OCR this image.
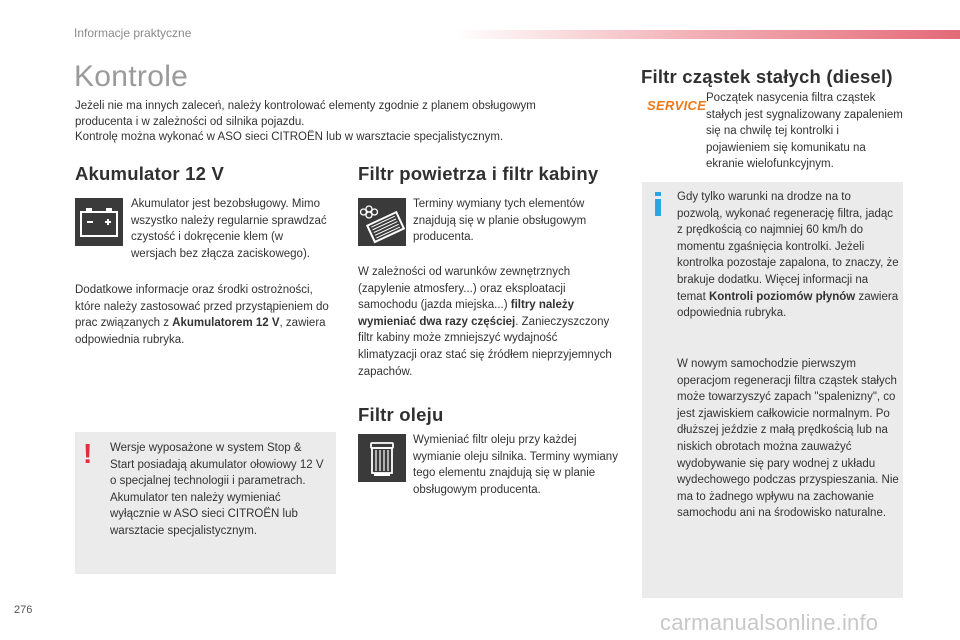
Informacje praktyczne
Kontrole
Jeżeli nie ma innych zaleceń, należy kontrolować elementy zgodnie z planem obsługowym
producenta i w zależności od silnika pojazdu.
Kontrolę można wykonać w ASO sieci CITROËN lub w warsztacie specjalistycznym.
Akumulator 12 V
Akumulator jest bezobsługowy. Mimo wszystko należy regularnie sprawdzać czystość i dokręcenie klem (w wersjach bez złącza zaciskowego).
Dodatkowe informacje oraz środki ostrożności, które należy zastosować przed przystąpieniem do prac związanych z Akumulatorem 12 V, zawiera odpowiednia rubryka.
! Wersje wyposażone w system Stop & Start posiadają akumulator ołowiowy 12 V o specjalnej technologii i parametrach. Akumulator ten należy wymieniać wyłącznie w ASO sieci CITROËN lub warsztacie specjalistycznym.
Filtr powietrza i filtr kabiny
Terminy wymiany tych elementów znajdują się w planie obsługowym producenta.
W zależności od warunków zewnętrznych (zapylenie atmosfery...) oraz eksploatacji samochodu (jazda miejska...) filtry należy wymieniać dwa razy częściej. Zanieczyszczony filtr kabiny może zmniejszyć wydajność klimatyzacji oraz stać się źródłem nieprzyjemnych zapachów.
Filtr oleju
Wymieniać filtr oleju przy każdej wymianie oleju silnika. Terminy wymiany tego elementu znajdują się w planie obsługowym producenta.
Filtr cząstek stałych (diesel)
SERVICE Początek nasycenia filtra cząstek stałych jest sygnalizowany zapaleniem się na chwilę tej kontrolki i pojawieniem się komunikatu na ekranie wielofunkcyjnym.
Gdy tylko warunki na drodze na to pozwolą, wykonać regenerację filtra, jadąc z prędkością co najmniej 60 km/h do momentu zgaśnięcia kontrolki. Jeżeli kontrolka pozostaje zapalona, to znaczy, że brakuje dodatku. Więcej informacji na temat Kontroli poziomów płynów zawiera odpowiednia rubryka.
W nowym samochodzie pierwszym operacjom regeneracji filtra cząstek stałych może towarzyszyć zapach "spalenizny", co jest zjawiskiem całkowicie normalnym. Po dłuższej jeździe z małą prędkością lub na niskich obrotach można zauważyć wydobywanie się pary wodnej z układu wydechowego podczas przyspieszania. Nie ma to żadnego wpływu na zachowanie samochodu ani na środowisko naturalne.
276	carmanualsonline.info
